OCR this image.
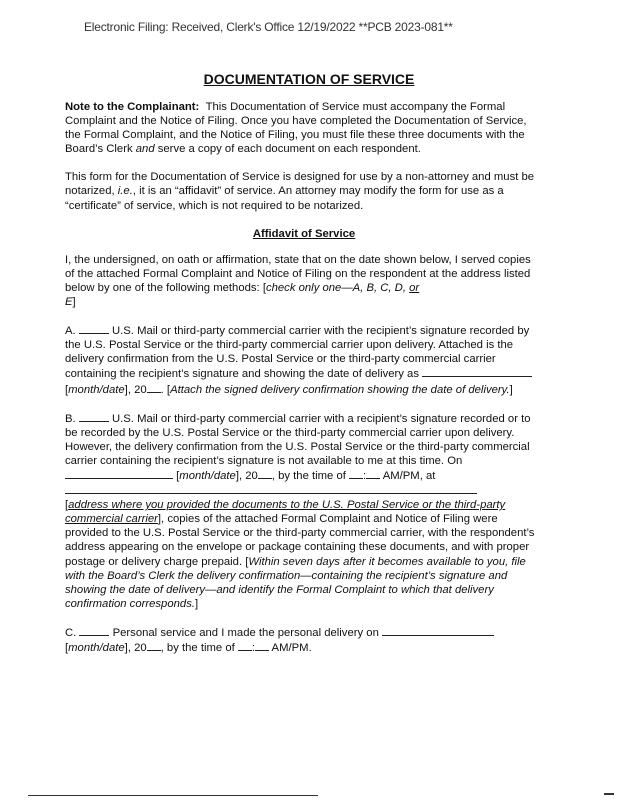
Electronic Filing: Received, Clerk's Office 12/19/2022 **PCB 2023-081**
DOCUMENTATION OF SERVICE

Note to the Complainant: This Documentation of Service must accompany the Formal Complaint and the Notice of Filing. Once you have completed the Documentation of Service, the Formal Complaint, and the Notice of Filing, you must file these three documents with the Board’s Clerk and serve a copy of each document on each respondent.

This form for the Documentation of Service is designed for use by a non-attorney and must be notarized, i.e., it is an “affidavit” of service. An attorney may modify the form for use as a “certificate” of service, which is not required to be notarized.

Affidavit of Service

I, the undersigned, on oath or affirmation, state that on the date shown below, I served copies of the attached Formal Complaint and Notice of Filing on the respondent at the address listed below by one of the following methods: [check only one—A, B, C, D, or
E]

A.	U.S. Mail or third-party commercial carrier with the recipient’s signature recorded by the U.S. Postal Service or the third-party commercial carrier upon delivery. Attached is the delivery confirmation from the U.S. Postal Service or the third-party commercial carrier containing the recipient’s signature and showing the date of delivery as  [month/date], 20 . [Attach the signed delivery confirmation showing the date of delivery.]

B.	U.S. Mail or third-party commercial carrier with a recipient’s signature recorded or to be recorded by the U.S. Postal Service or the third-party commercial carrier upon delivery. However, the delivery confirmation from the U.S. Postal Service or the third-party commercial carrier containing the recipient’s signature is not available to me at this time. On  [month/date], 20 , by the time of : AM/PM, at
[address where you provided the documents to the U.S. Postal Service or the third-party commercial carrier], copies of the attached Formal Complaint and Notice of Filing were provided to the U.S. Postal Service or the third-party commercial carrier, with the respondent’s address appearing on the envelope or package containing these documents, and with proper postage or delivery charge prepaid. [Within seven days after it becomes available to you, file with the Board’s Clerk the delivery confirmation—containing the recipient’s signature and showing the date of delivery—and identify the Formal Complaint to which that delivery confirmation corresponds.]

C.	Personal service and I made the personal delivery on
[month/date], 20 , by the time of : AM/PM.
